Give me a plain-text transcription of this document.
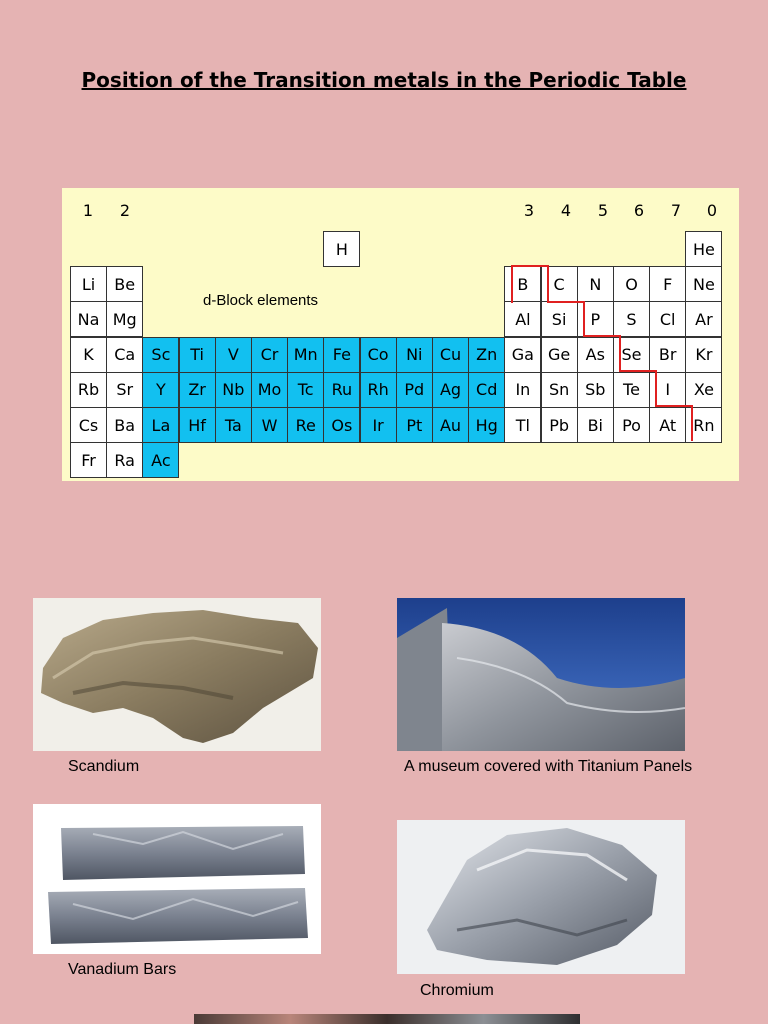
Position of the Transition metals in the Periodic Table
1	2	3	4	5	6	7	0
d-Block elements
H	He
Li	Be	B	C	N	O	F	Ne
Na Mg	Al	Si	P	S	Cl	Ar
K	Ca	Sc	Ti	V	Cr Mn Fe	Co	Ni	Cu Zn Ga Ge As	Se	Br	Kr
Rb	Sr	Y	Zr	Nb Mo	Tc	Ru Rh Pd Ag Cd	In	Sn Sb	Te	I	Xe
Cs	Ba	La	Hf	Ta	W	Re Os	Ir	Pt	Au Hg	Tl	Pb	Bi	Po	At	Rn
Fr	Ra	Ac
Scandium	A museum covered with Titanium Panels
Vanadium Bars
Chromium
